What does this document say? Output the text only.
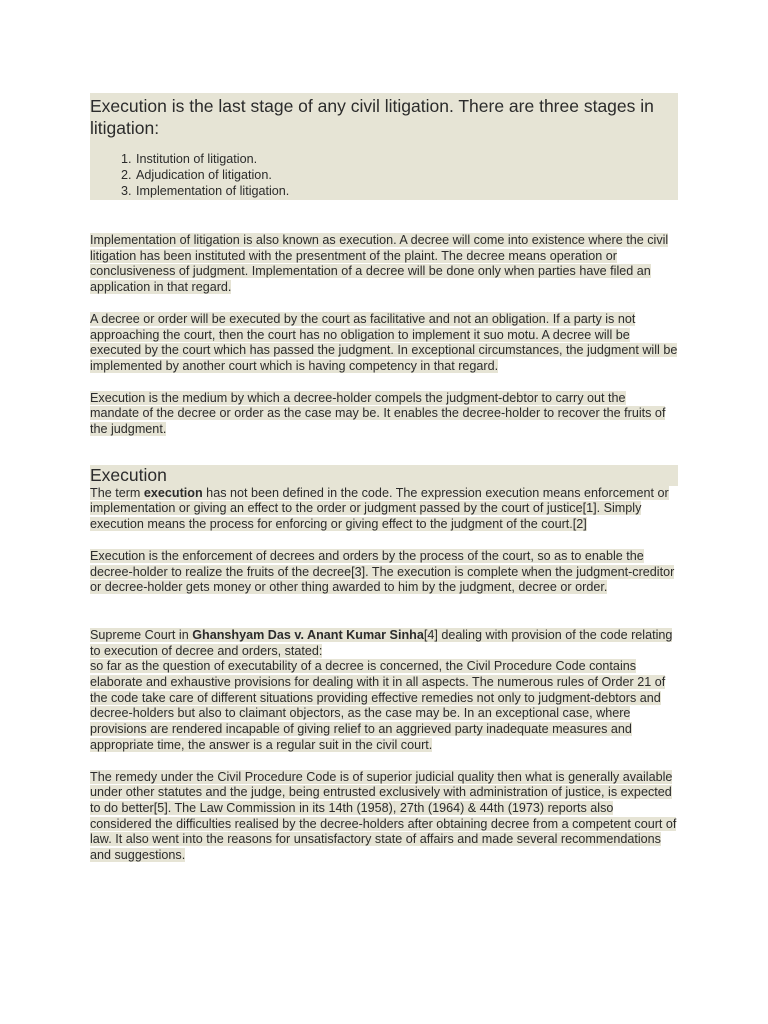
Execution is the last stage of any civil litigation. There are three stages in litigation:
1. Institution of litigation.
2. Adjudication of litigation.
3. Implementation of litigation.

Implementation of litigation is also known as execution. A decree will come into existence where the civil litigation has been instituted with the presentment of the plaint. The decree means operation or conclusiveness of judgment. Implementation of a decree will be done only when parties have filed an application in that regard.

A decree or order will be executed by the court as facilitative and not an obligation. If a party is not approaching the court, then the court has no obligation to implement it suo motu. A decree will be executed by the court which has passed the judgment. In exceptional circumstances, the judgment will be implemented by another court which is having competency in that regard.

Execution is the medium by which a decree-holder compels the judgment-debtor to carry out the mandate of the decree or order as the case may be. It enables the decree-holder to recover the fruits of the judgment.

Execution

The term execution has not been defined in the code. The expression execution means enforcement or implementation or giving an effect to the order or judgment passed by the court of justice[1]. Simply execution means the process for enforcing or giving effect to the judgment of the court.[2]

Execution is the enforcement of decrees and orders by the process of the court, so as to enable the decree-holder to realize the fruits of the decree[3]. The execution is complete when the judgment-creditor or decree-holder gets money or other thing awarded to him by the judgment, decree or order.

Supreme Court in Ghanshyam Das v. Anant Kumar Sinha[4] dealing with provision of the code relating to execution of decree and orders, stated:

so far as the question of executability of a decree is concerned, the Civil Procedure Code contains elaborate and exhaustive provisions for dealing with it in all aspects. The numerous rules of Order 21 of the code take care of different situations providing effective remedies not only to judgment-debtors and decree-holders but also to claimant objectors, as the case may be. In an exceptional case, where provisions are rendered incapable of giving relief to an aggrieved party inadequate measures and appropriate time, the answer is a regular suit in the civil court.

The remedy under the Civil Procedure Code is of superior judicial quality then what is generally available under other statutes and the judge, being entrusted exclusively with administration of justice, is expected to do better[5]. The Law Commission in its 14th (1958), 27th (1964) & 44th (1973) reports also considered the difficulties realised by the decree-holders after obtaining decree from a competent court of law. It also went into the reasons for unsatisfactory state of affairs and made several recommendations and suggestions.
